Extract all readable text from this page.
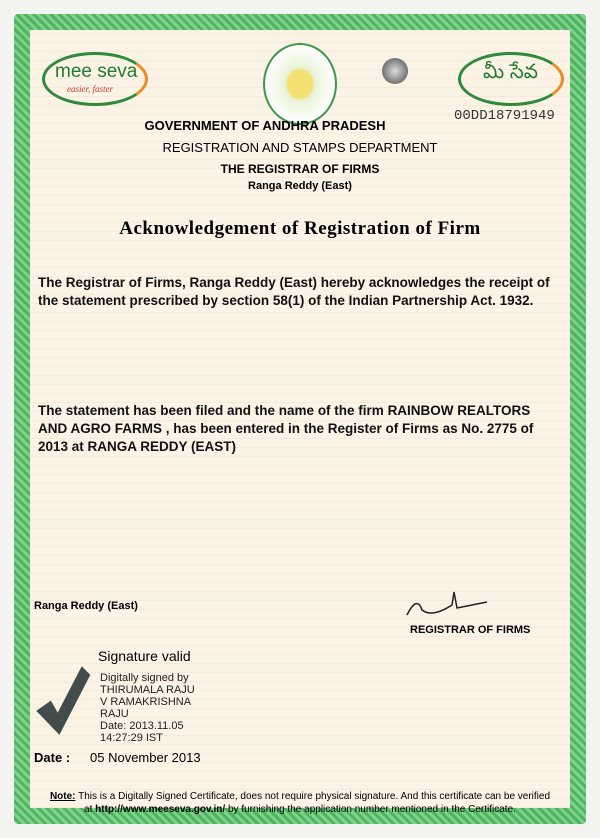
mee seva
easier, faster
మీ సేవ
00DD18791949
GOVERNMENT OF ANDHRA PRADESH
REGISTRATION AND STAMPS DEPARTMENT
THE REGISTRAR OF FIRMS
Ranga Reddy (East)
Acknowledgement of Registration of Firm
The Registrar of Firms, Ranga Reddy (East) hereby acknowledges the receipt of the statement prescribed by section 58(1) of the Indian Partnership Act. 1932.
The statement has been filed and the name of the firm RAINBOW REALTORS AND AGRO FARMS , has been entered in the Register of Firms as No. 2775 of 2013 at RANGA REDDY (EAST)
Ranga Reddy (East)
REGISTRAR OF FIRMS
Signature valid
Digitally signed by
THIRUMALA RAJU
V RAMAKRISHNA
RAJU
Date: 2013.11.05
14:27:29 IST
Date : 05 November 2013
Note: This is a Digitally Signed Certificate, does not require physical signature. And this certificate can be verified
at http://www.meeseva.gov.in/ by furnishing the application number mentioned in the Certificate.
